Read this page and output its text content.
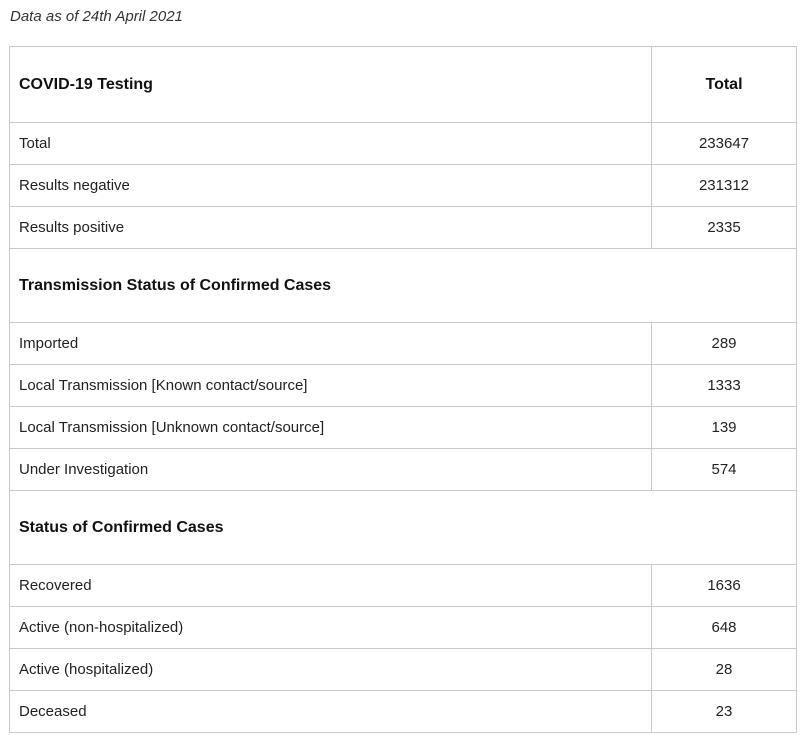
Data as of 24th April 2021
COVID-19 Testing	Total
Total	233647
Results negative	231312
Results positive	2335
Transmission Status of Confirmed Cases	
Imported	289
Local Transmission [Known contact/source]	1333
Local Transmission [Unknown contact/source]	139
Under Investigation	574
Status of Confirmed Cases	
Recovered	1636
Active (non-hospitalized)	648
Active (hospitalized)	28
Deceased	23
